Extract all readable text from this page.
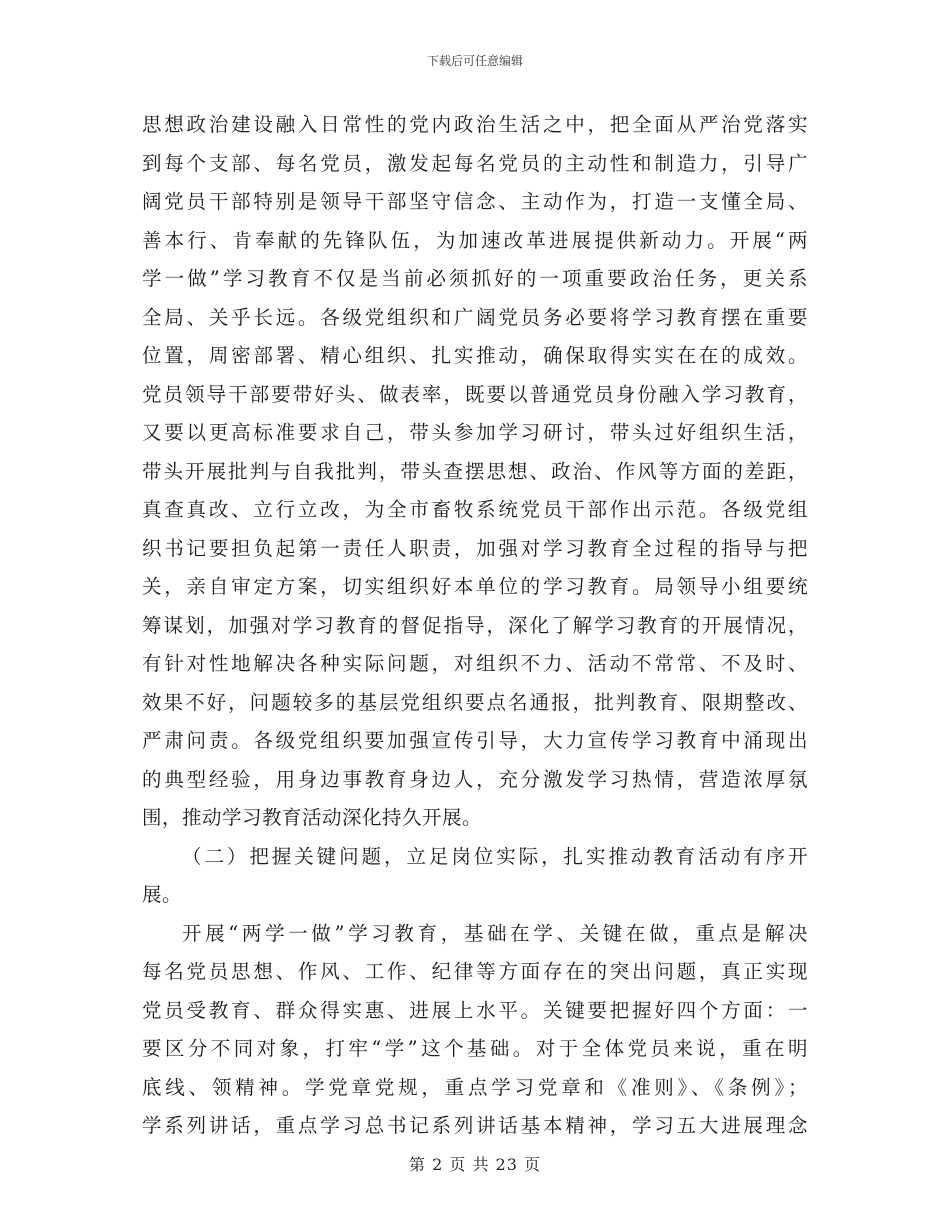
下载后可任意编辑
思想政治建设融入日常性的党内政治生活之中，把全面从严治党落实
到每个支部、每名党员，激发起每名党员的主动性和制造力，引导广
阔党员干部特别是领导干部坚守信念、主动作为，打造一支懂全局、
善本行、肯奉献的先锋队伍，为加速改革进展提供新动力。开展“两
学一做”学习教育不仅是当前必须抓好的一项重要政治任务，更关系
全局、关乎长远。各级党组织和广阔党员务必要将学习教育摆在重要
位置，周密部署、精心组织、扎实推动，确保取得实实在在的成效。
党员领导干部要带好头、做表率，既要以普通党员身份融入学习教育，
又要以更高标准要求自己，带头参加学习研讨，带头过好组织生活，
带头开展批判与自我批判，带头查摆思想、政治、作风等方面的差距，
真查真改、立行立改，为全市畜牧系统党员干部作出示范。各级党组
织书记要担负起第一责任人职责，加强对学习教育全过程的指导与把
关，亲自审定方案，切实组织好本单位的学习教育。局领导小组要统
筹谋划，加强对学习教育的督促指导，深化了解学习教育的开展情况，
有针对性地解决各种实际问题，对组织不力、活动不常常、不及时、
效果不好，问题较多的基层党组织要点名通报，批判教育、限期整改、
严肃问责。各级党组织要加强宣传引导，大力宣传学习教育中涌现出
的典型经验，用身边事教育身边人，充分激发学习热情，营造浓厚氛
围，推动学习教育活动深化持久开展。
（二）把握关键问题，立足岗位实际，扎实推动教育活动有序开
展。
开展“两学一做”学习教育，基础在学、关键在做，重点是解决
每名党员思想、作风、工作、纪律等方面存在的突出问题，真正实现
党员受教育、群众得实惠、进展上水平。关键要把握好四个方面：一
要区分不同对象，打牢“学”这个基础。对于全体党员来说，重在明
底线、领精神。学党章党规，重点学习党章和《准则》、《条例》；
学系列讲话，重点学习总书记系列讲话基本精神，学习五大进展理念
第 2 页 共 23 页
